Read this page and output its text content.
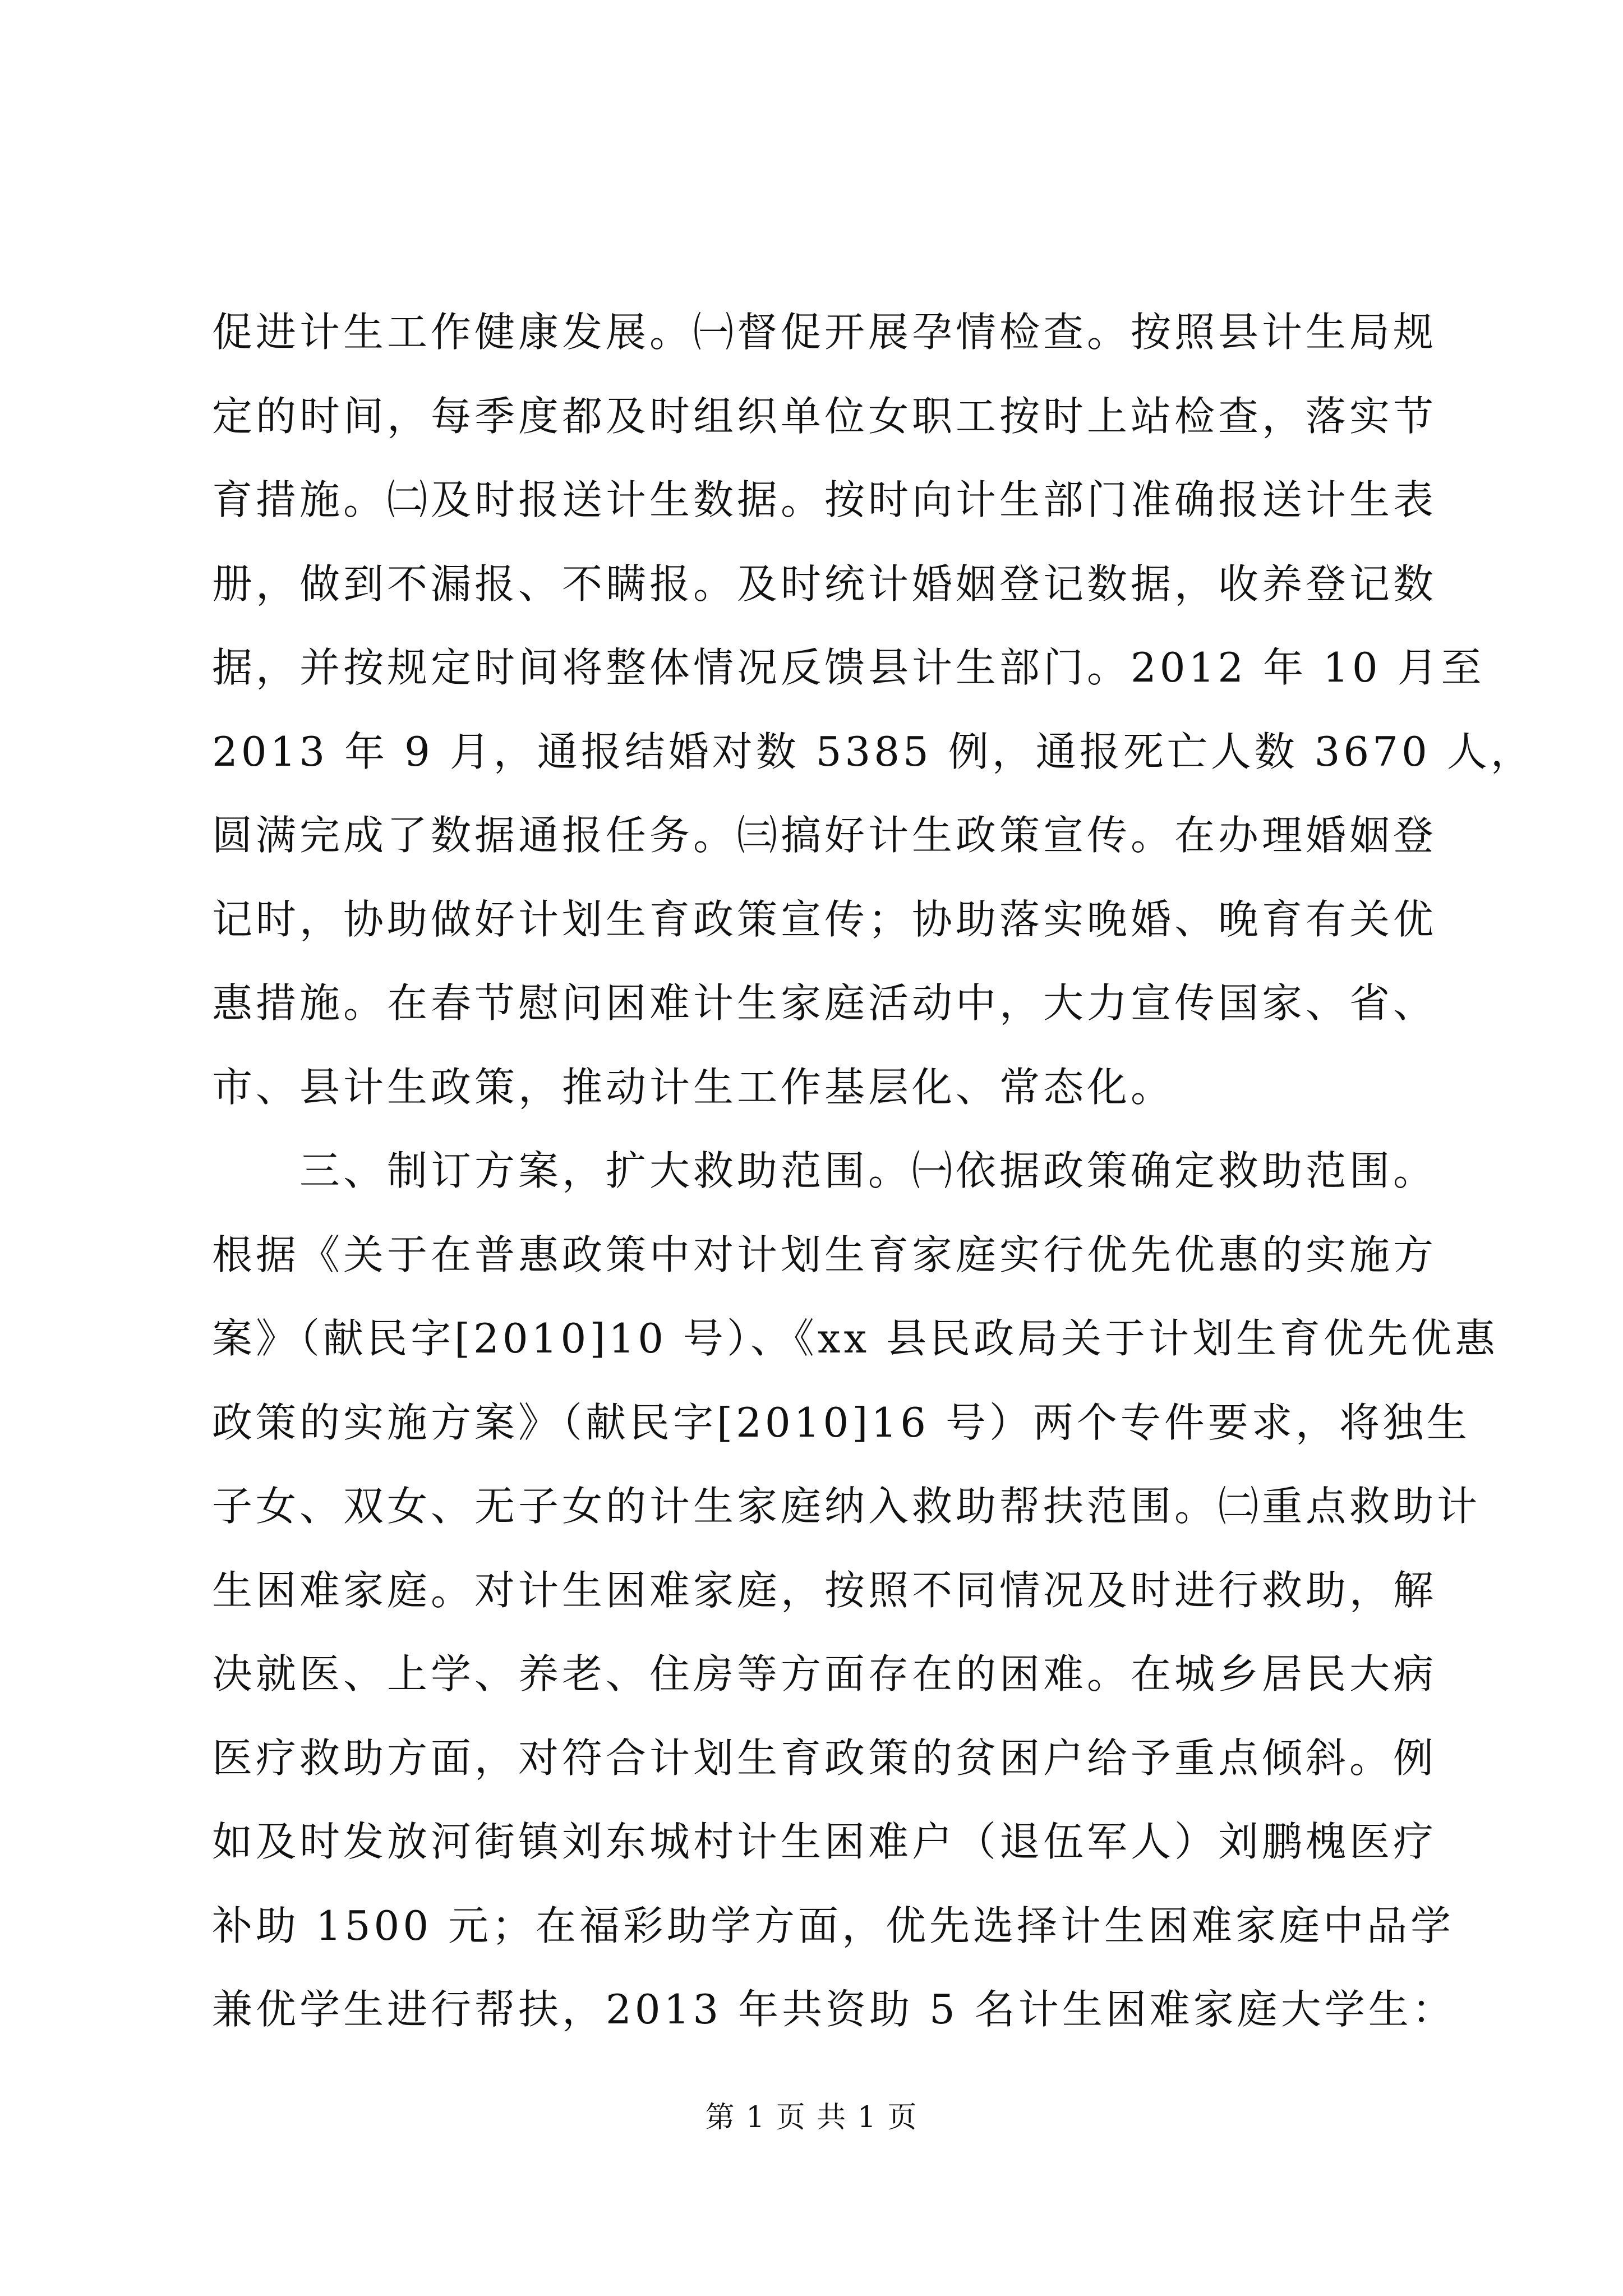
促进计生工作健康发展。㈠督促开展孕情检查。按照县计生局规
定的时间，每季度都及时组织单位女职工按时上站检查，落实节
育措施。㈡及时报送计生数据。按时向计生部门准确报送计生表
册，做到不漏报、不瞒报。及时统计婚姻登记数据，收养登记数
据，并按规定时间将整体情况反馈县计生部门。2012 年 10 月至
2013 年 9 月，通报结婚对数 5385 例，通报死亡人数 3670 人，
圆满完成了数据通报任务。㈢搞好计生政策宣传。在办理婚姻登
记时，协助做好计划生育政策宣传；协助落实晚婚、晚育有关优
惠措施。在春节慰问困难计生家庭活动中，大力宣传国家、省、
市、县计生政策，推动计生工作基层化、常态化。
三、制订方案，扩大救助范围。㈠依据政策确定救助范围。
根据《关于在普惠政策中对计划生育家庭实行优先优惠的实施方
案》（献民字[2010]10 号）、《xx 县民政局关于计划生育优先优惠
政策的实施方案》（献民字[2010]16 号）两个专件要求，将独生
子女、双女、无子女的计生家庭纳入救助帮扶范围。㈡重点救助计
生困难家庭。对计生困难家庭，按照不同情况及时进行救助，解
决就医、上学、养老、住房等方面存在的困难。在城乡居民大病
医疗救助方面，对符合计划生育政策的贫困户给予重点倾斜。例
如及时发放河街镇刘东城村计生困难户（退伍军人）刘鹏槐医疗
补助 1500 元；在福彩助学方面，优先选择计生困难家庭中品学
兼优学生进行帮扶，2013 年共资助 5 名计生困难家庭大学生：
第 1 页 共 1 页
